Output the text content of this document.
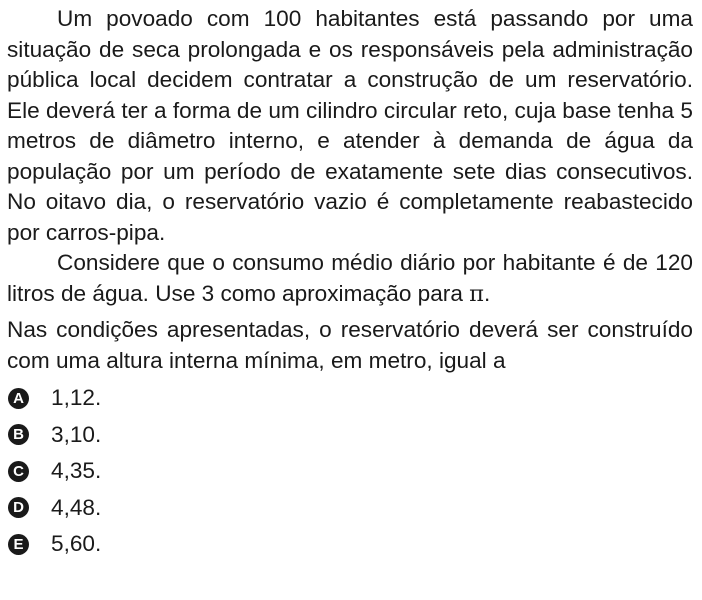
Um povoado com 100 habitantes está passando por uma situação de seca prolongada e os responsáveis pela administração pública local decidem contratar a construção de um reservatório. Ele deverá ter a forma de um cilindro circular reto, cuja base tenha 5 metros de diâmetro interno, e atender à demanda de água da população por um período de exatamente sete dias consecutivos. No oitavo dia, o reservatório vazio é completamente reabastecido por carros-pipa.

Considere que o consumo médio diário por habitante é de 120 litros de água. Use 3 como aproximação para π.

Nas condições apresentadas, o reservatório deverá ser construído com uma altura interna mínima, em metro, igual a

A 1,12.
B 3,10.
C 4,35.
D 4,48.
E 5,60.
